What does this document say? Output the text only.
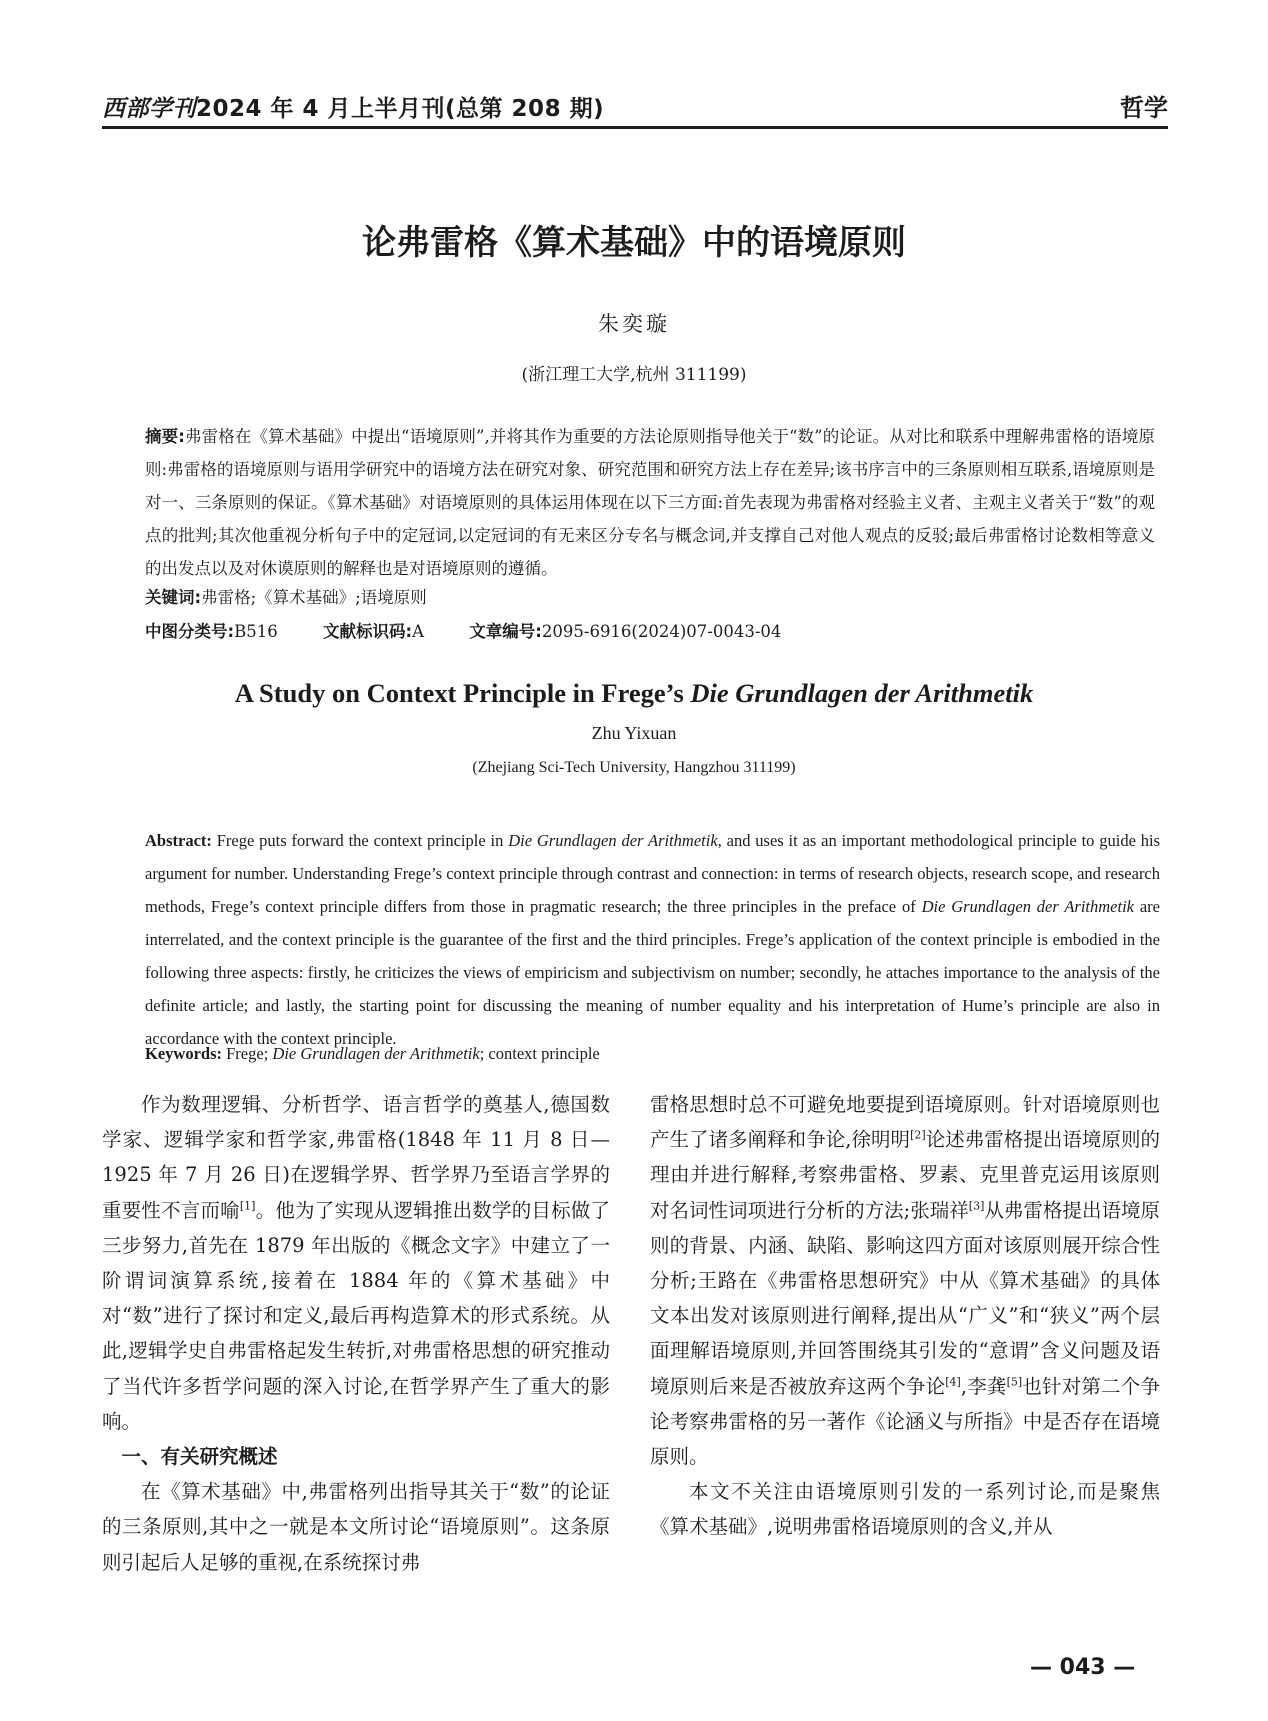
西部学刊2024 年 4 月上半月刊(总第 208 期)	哲学
论弗雷格《算术基础》中的语境原则
朱奕璇
(浙江理工大学,杭州 311199)
摘要:弗雷格在《算术基础》中提出“语境原则”,并将其作为重要的方法论原则指导他关于“数”的论证。从对比和联系中理解弗雷格的语境原则:弗雷格的语境原则与语用学研究中的语境方法在研究对象、研究范围和研究方法上存在差异;该书序言中的三条原则相互联系,语境原则是对一、三条原则的保证。《算术基础》对语境原则的具体运用体现在以下三方面:首先表现为弗雷格对经验主义者、主观主义者关于“数”的观点的批判;其次他重视分析句子中的定冠词,以定冠词的有无来区分专名与概念词,并支撑自己对他人观点的反驳;最后弗雷格讨论数相等意义的出发点以及对休谟原则的解释也是对语境原则的遵循。
关键词:弗雷格;《算术基础》;语境原则
中图分类号:B516	文献标识码:A	文章编号:2095-6916(2024)07-0043-04
A Study on Context Principle in Frege’s Die Grundlagen der Arithmetik
Zhu Yixuan
(Zhejiang Sci-Tech University, Hangzhou 311199)
Abstract: Frege puts forward the context principle in Die Grundlagen der Arithmetik, and uses it as an important methodological principle to guide his argument for number. Understanding Frege’s context principle through contrast and connection: in terms of research objects, research scope, and research methods, Frege’s context principle differs from those in pragmatic research; the three principles in the preface of Die Grundlagen der Arithmetik are interrelated, and the context principle is the guarantee of the first and the third principles. Frege’s application of the context principle is embodied in the following three aspects: firstly, he criticizes the views of empiricism and subjectivism on number; secondly, he attaches importance to the analysis of the definite article; and lastly, the starting point for discussing the meaning of number equality and his interpretation of Hume’s principle are also in accordance with the context principle.
Keywords: Frege; Die Grundlagen der Arithmetik; context principle

作为数理逻辑、分析哲学、语言哲学的奠基人,德国数学家、逻辑学家和哲学家,弗雷格(1848 年 11 月 8 日—1925 年 7 月 26 日)在逻辑学界、哲学界乃至语言学界的重要性不言而喻[1]。他为了实现从逻辑推出数学的目标做了三步努力,首先在 1879 年出版的《概念文字》中建立了一阶谓词演算系统,接着在 1884 年的《算术基础》中对“数”进行了探讨和定义,最后再构造算术的形式系统。从此,逻辑学史自弗雷格起发生转折,对弗雷格思想的研究推动了当代许多哲学问题的深入讨论,在哲学界产生了重大的影响。

一、有关研究概述

在《算术基础》中,弗雷格列出指导其关于“数”的论证的三条原则,其中之一就是本文所讨论“语境原则”。这条原则引起后人足够的重视,在系统探讨弗

雷格思想时总不可避免地要提到语境原则。针对语境原则也产生了诸多阐释和争论,徐明明[2]论述弗雷格提出语境原则的理由并进行解释,考察弗雷格、罗素、克里普克运用该原则对名词性词项进行分析的方法;张瑞祥[3]从弗雷格提出语境原则的背景、内涵、缺陷、影响这四方面对该原则展开综合性分析;王路在《弗雷格思想研究》中从《算术基础》的具体文本出发对该原则进行阐释,提出从“广义”和“狭义”两个层面理解语境原则,并回答围绕其引发的“意谓”含义问题及语境原则后来是否被放弃这两个争论[4],李龚[5]也针对第二个争论考察弗雷格的另一著作《论涵义与所指》中是否存在语境原则。

本文不关注由语境原则引发的一系列讨论,而是聚焦《算术基础》,说明弗雷格语境原则的含义,并从

— 043 —
